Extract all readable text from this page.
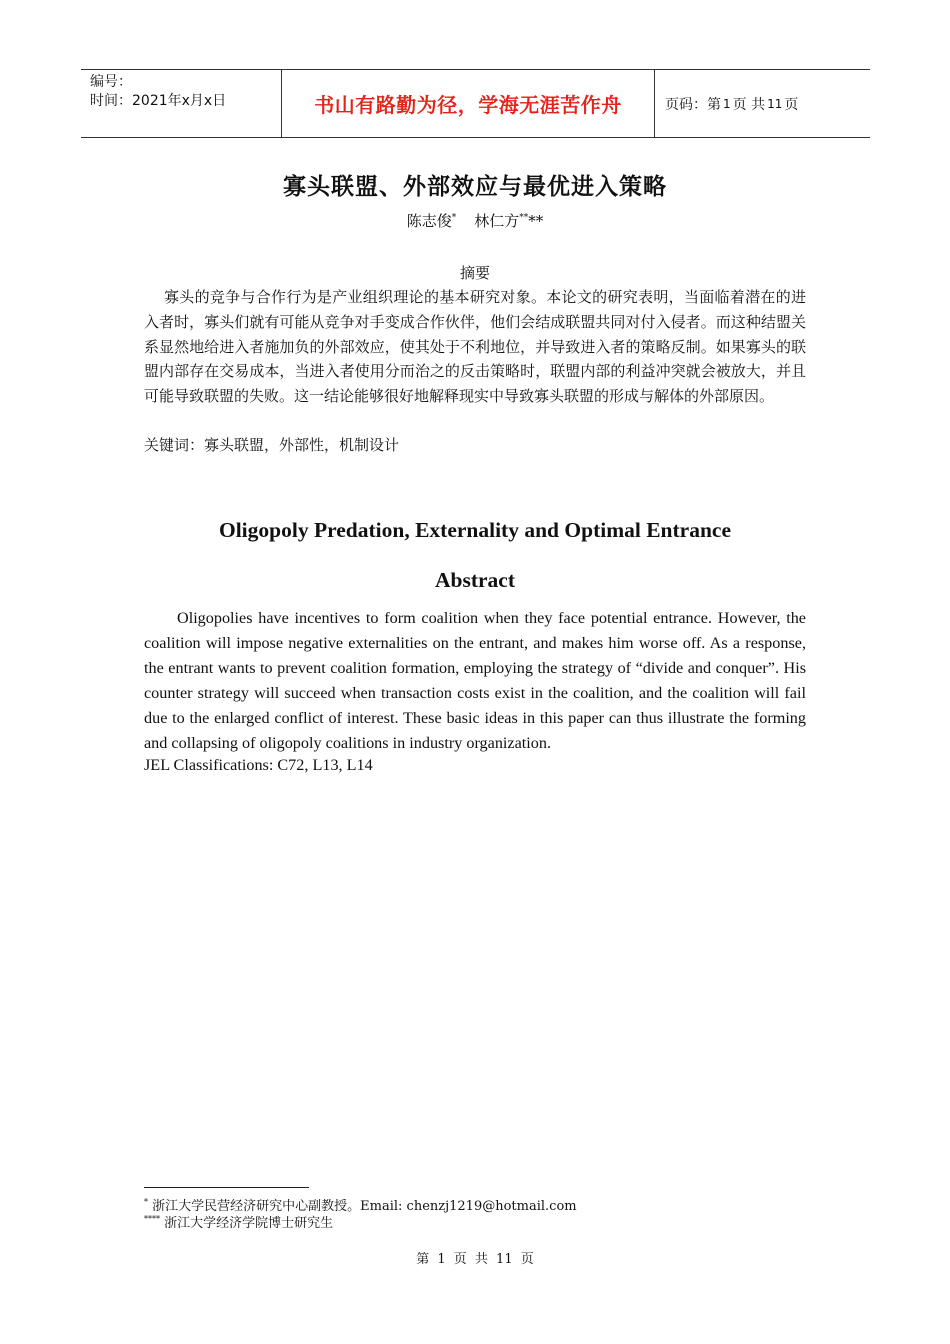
编号：
时间：2021年x月x日	书山有路勤为径，学海无涯苦作舟	页码：第 1 页 共 11 页
寡头联盟、外部效应与最优进入策略
陈志俊* 林仁方****
摘要

寡头的竞争与合作行为是产业组织理论的基本研究对象。本论文的研究表明，当面临着潜在的进入者时，寡头们就有可能从竞争对手变成合作伙伴，他们会结成联盟共同对付入侵者。而这种结盟关系显然地给进入者施加负的外部效应，使其处于不利地位，并导致进入者的策略反制。如果寡头的联盟内部存在交易成本，当进入者使用分而治之的反击策略时，联盟内部的利益冲突就会被放大，并且可能导致联盟的失败。这一结论能够很好地解释现实中导致寡头联盟的形成与解体的外部原因。

关键词：寡头联盟，外部性，机制设计
Oligopoly Predation, Externality and Optimal Entrance
Abstract

Oligopolies have incentives to form coalition when they face potential entrance. However, the coalition will impose negative externalities on the entrant, and makes him worse off. As a response, the entrant wants to prevent coalition formation, employing the strategy of “divide and conquer”. His counter strategy will succeed when transaction costs exist in the coalition, and the coalition will fail due to the enlarged conflict of interest. These basic ideas in this paper can thus illustrate the forming and collapsing of oligopoly coalitions in industry organization.

JEL Classifications: C72, L13, L14
* 浙江大学民营经济研究中心副教授。Email: chenzj1219@hotmail.com
**** 浙江大学经济学院博士研究生
第 1 页 共 11 页
